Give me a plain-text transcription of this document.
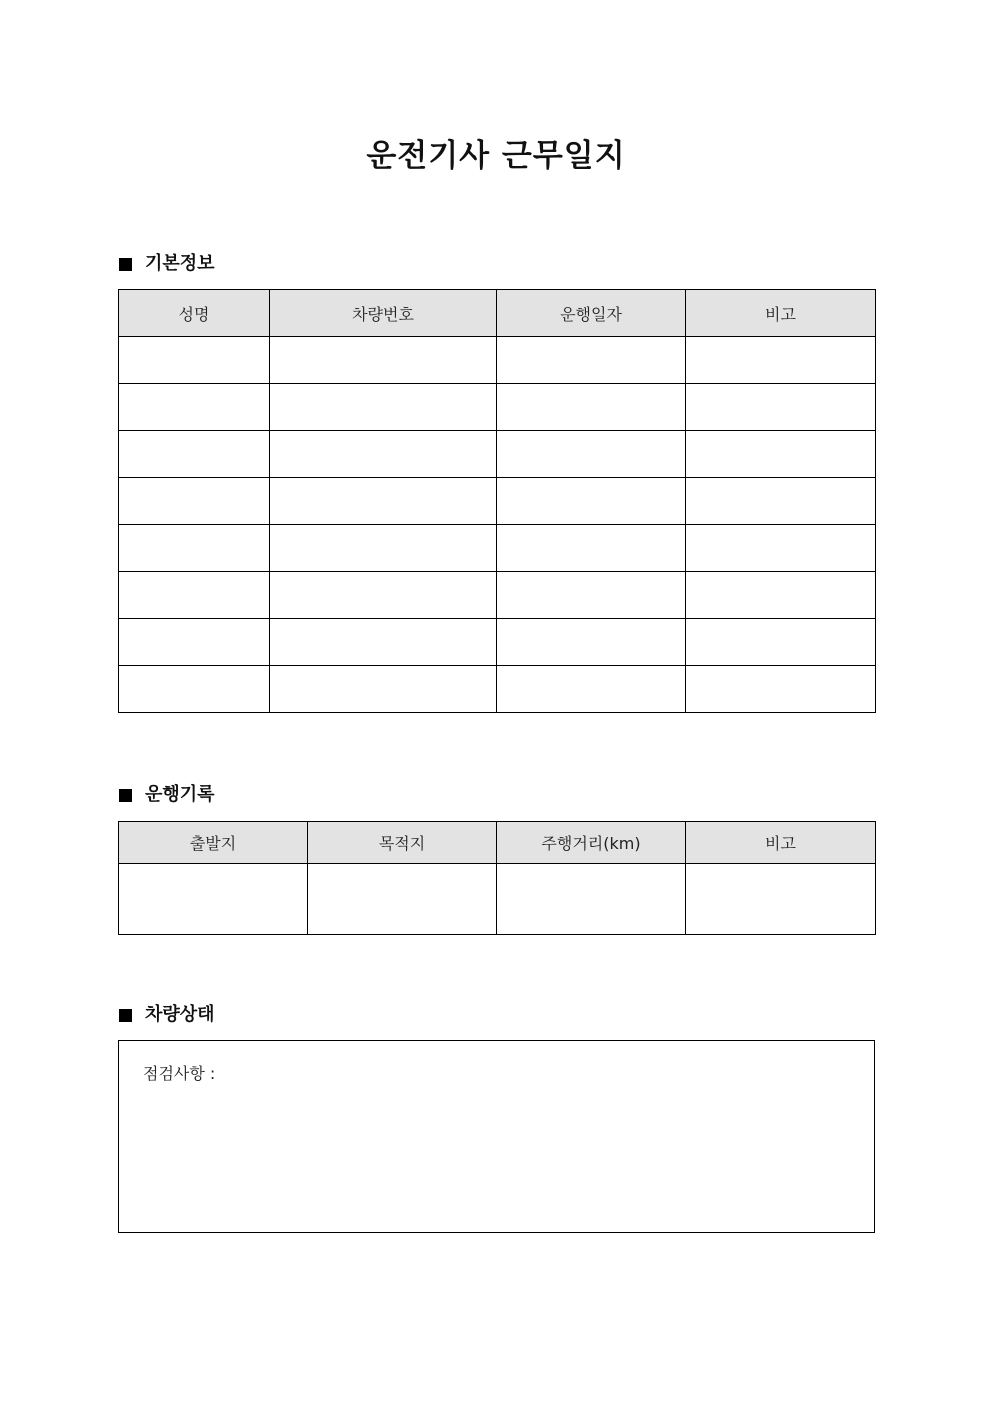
운전기사 근무일지
기본정보
성명	차량번호	운행일자	비고

운행기록
출발지	목적지	주행거리(km)	비고

차량상태
점검사항 :
